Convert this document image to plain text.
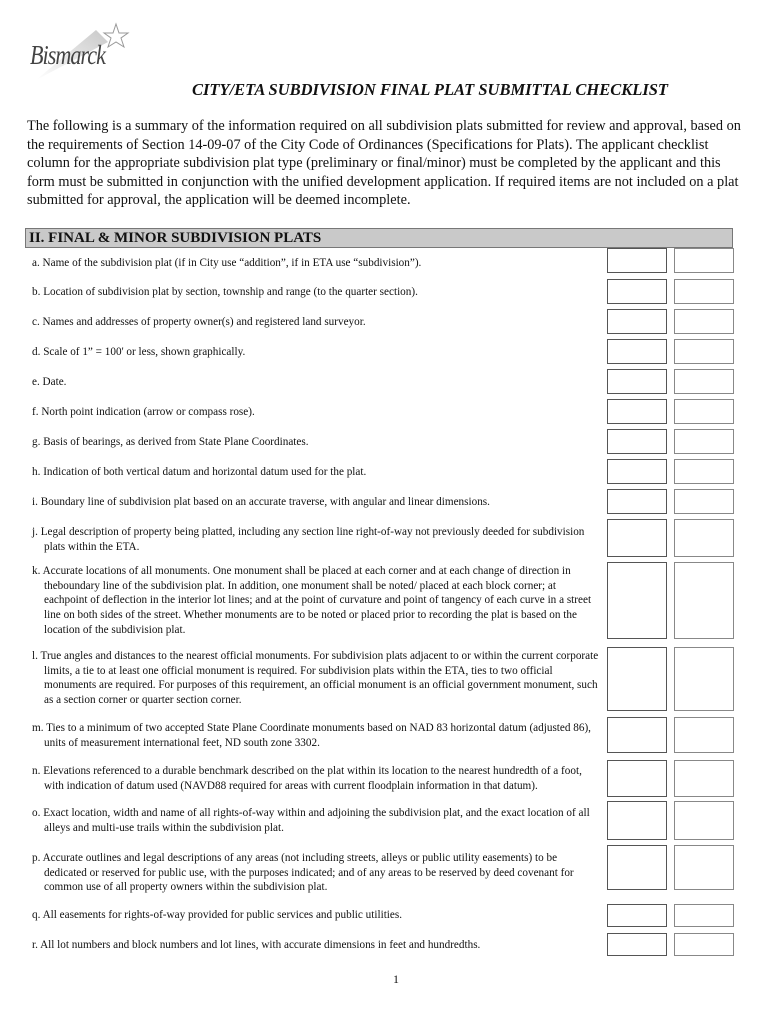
Bismarck
CITY/ETA SUBDIVISION FINAL PLAT SUBMITTAL CHECKLIST
The following is a summary of the information required on all subdivision plats submitted for review and approval, based on the requirements of Section 14-09-07 of the City Code of Ordinances (Specifications for Plats). The applicant checklist column for the appropriate subdivision plat type (preliminary or final/minor) must be completed by the applicant and this form must be submitted in conjunction with the unified development application. If required items are not included on a plat submitted for approval, the application will be deemed incomplete.
II. FINAL & MINOR SUBDIVISION PLATS
a. Name of the subdivision plat (if in City use “addition”, if in ETA use “subdivision”).
b. Location of subdivision plat by section, township and range (to the quarter section).
c. Names and addresses of property owner(s) and registered land surveyor.
d. Scale of 1” = 100' or less, shown graphically.
e. Date.
f. North point indication (arrow or compass rose).
g. Basis of bearings, as derived from State Plane Coordinates.
h. Indication of both vertical datum and horizontal datum used for the plat.
i. Boundary line of subdivision plat based on an accurate traverse, with angular and linear dimensions.
j. Legal description of property being platted, including any section line right-of-way not previously deeded for subdivision plats within the ETA.
k. Accurate locations of all monuments. One monument shall be placed at each corner and at each change of direction in theboundary line of the subdivision plat. In addition, one monument shall be noted/ placed at each block corner; at eachpoint of deflection in the interior lot lines; and at the point of curvature and point of tangency of each curve in a street line on both sides of the street. Whether monuments are to be noted or placed prior to recording the plat is based on the location of the subdivision plat.
l. True angles and distances to the nearest official monuments. For subdivision plats adjacent to or within the current corporate limits, a tie to at least one official monument is required. For subdivision plats within the ETA, ties to two official monuments are required. For purposes of this requirement, an official monument is an official government monument, such as a section corner or quarter section corner.
m. Ties to a minimum of two accepted State Plane Coordinate monuments based on NAD 83 horizontal datum (adjusted 86), units of measurement international feet, ND south zone 3302.
n. Elevations referenced to a durable benchmark described on the plat within its location to the nearest hundredth of a foot, with indication of datum used (NAVD88 required for areas with current floodplain information in that datum).
o. Exact location, width and name of all rights-of-way within and adjoining the subdivision plat, and the exact location of all alleys and multi-use trails within the subdivision plat.
p. Accurate outlines and legal descriptions of any areas (not including streets, alleys or public utility easements) to be dedicated or reserved for public use, with the purposes indicated; and of any areas to be reserved by deed covenant for common use of all property owners within the subdivision plat.
q. All easements for rights-of-way provided for public services and public utilities.
r. All lot numbers and block numbers and lot lines, with accurate dimensions in feet and hundredths.
1
